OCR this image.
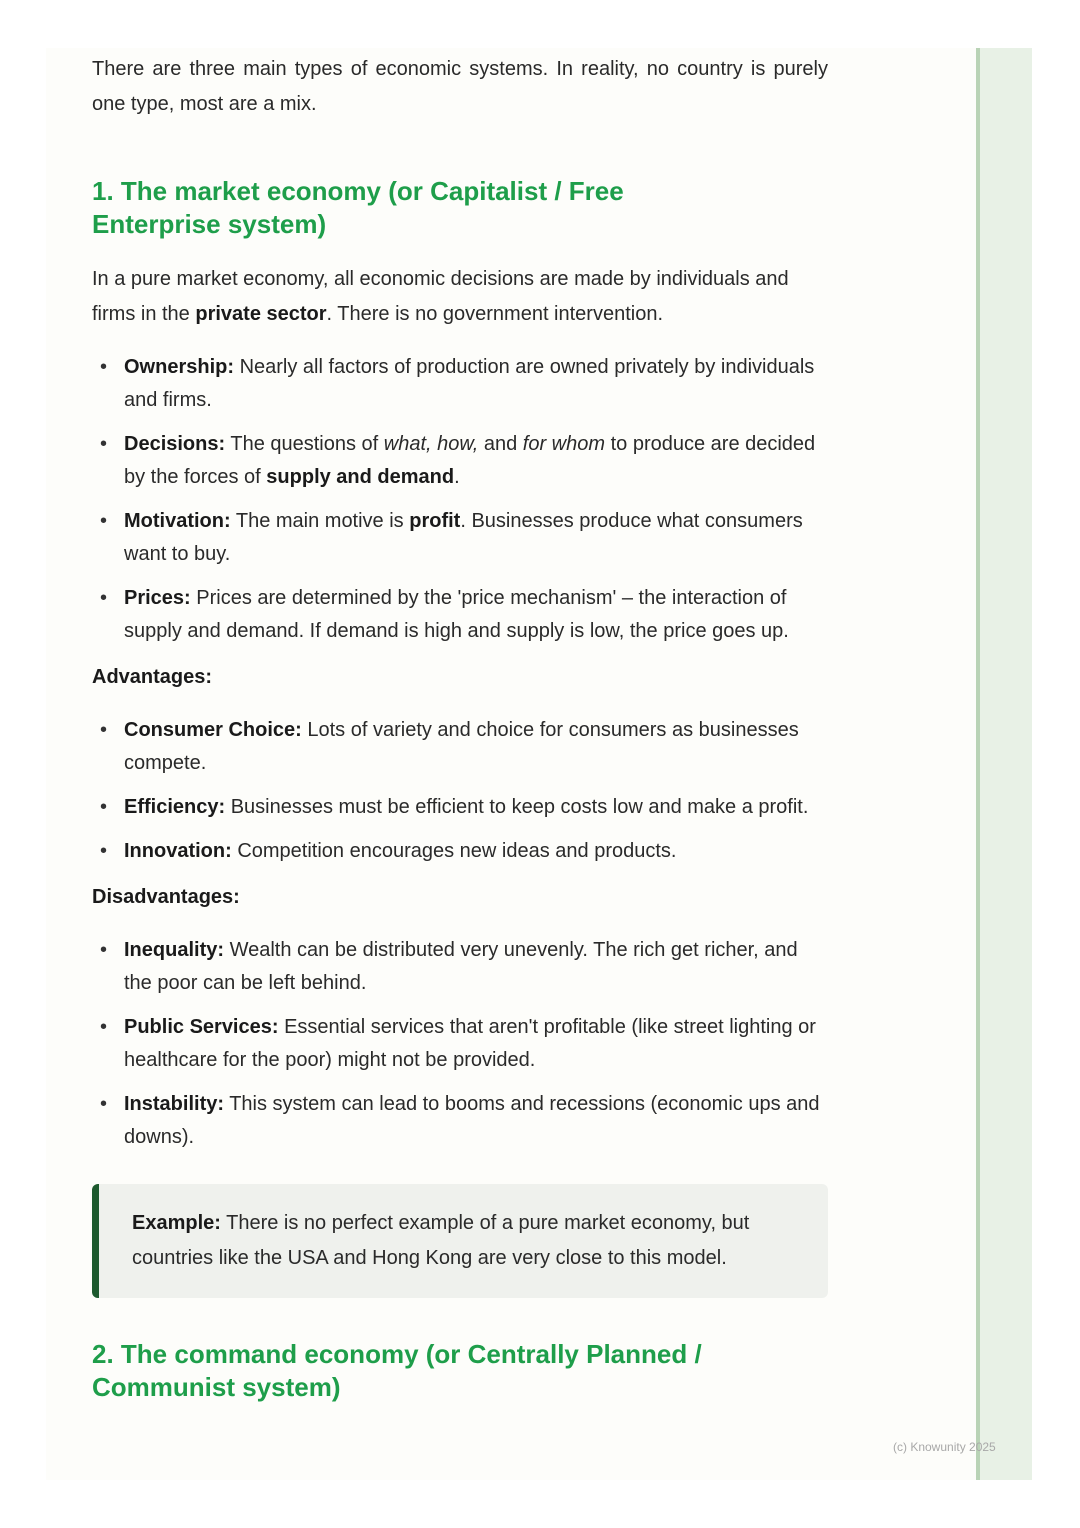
There are three main types of economic systems. In reality, no country is purely one type, most are a mix.

1. The market economy (or Capitalist / Free Enterprise system)

In a pure market economy, all economic decisions are made by individuals and firms in the private sector. There is no government intervention.

• Ownership: Nearly all factors of production are owned privately by individuals and firms.
• Decisions: The questions of what, how, and for whom to produce are decided by the forces of supply and demand.
• Motivation: The main motive is profit. Businesses produce what consumers want to buy.
• Prices: Prices are determined by the 'price mechanism' – the interaction of supply and demand. If demand is high and supply is low, the price goes up.

Advantages:

• Consumer Choice: Lots of variety and choice for consumers as businesses compete.
• Efficiency: Businesses must be efficient to keep costs low and make a profit.
• Innovation: Competition encourages new ideas and products.

Disadvantages:

• Inequality: Wealth can be distributed very unevenly. The rich get richer, and the poor can be left behind.
• Public Services: Essential services that aren't profitable (like street lighting or healthcare for the poor) might not be provided.
• Instability: This system can lead to booms and recessions (economic ups and downs).
Example: There is no perfect example of a pure market economy, but countries like the USA and Hong Kong are very close to this model.
2. The command economy (or Centrally Planned / Communist system)
(c) Knowunity 2025
